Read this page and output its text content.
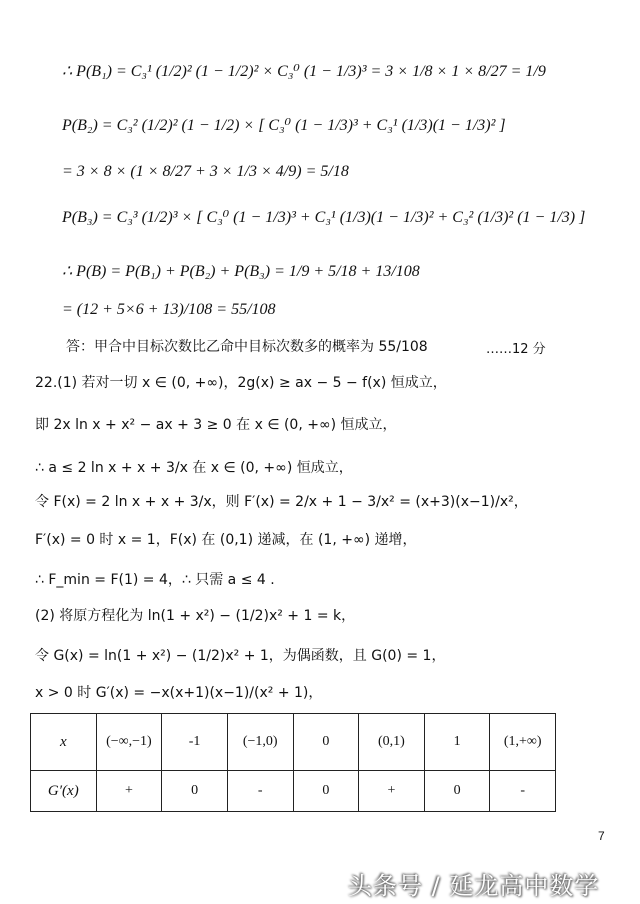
∴ P(B₁) = C₃¹ (1/2)² (1 − 1/2)² × C₃⁰ (1 − 1/3)³ = 3 × 1/8 × 1 × 8/27 = 1/9
P(B₂) = C₃² (1/2)² (1 − 1/2) × [ C₃⁰ (1 − 1/3)³ + C₃¹ (1/3)(1 − 1/3)² ]
= 3 × 8 × (1 × 8/27 + 3 × 1/3 × 4/9) = 5/18
P(B₃) = C₃³ (1/2)³ × [ C₃⁰ (1 − 1/3)³ + C₃¹ (1/3)(1 − 1/3)² + C₃² (1/3)² (1 − 1/3) ]
∴ P(B) = P(B₁) + P(B₂) + P(B₃) = 1/9 + 5/18 + 13/108
= (12 + 5×6 + 13)/108 = 55/108
答：甲合中目标次数比乙命中目标次数多的概率为 55/108	……12 分
22.(1) 若对一切 x ∈ (0, +∞)，2g(x) ≥ ax − 5 − f(x) 恒成立，
即 2x ln x + x² − ax + 3 ≥ 0 在 x ∈ (0, +∞) 恒成立，
∴ a ≤ 2 ln x + x + 3/x 在 x ∈ (0, +∞) 恒成立，
令 F(x) = 2 ln x + x + 3/x，则 F′(x) = 2/x + 1 − 3/x² = (x+3)(x−1)/x²，
F′(x) = 0 时 x = 1，F(x) 在 (0,1) 递减，在 (1, +∞) 递增，
∴ F_min = F(1) = 4，∴ 只需 a ≤ 4 .
(2) 将原方程化为 ln(1 + x²) − (1/2)x² + 1 = k，
令 G(x) = ln(1 + x²) − (1/2)x² + 1，为偶函数，且 G(0) = 1，
x > 0 时 G′(x) = −x(x+1)(x−1)/(x² + 1)，
x	(−∞,−1)	-1	(−1,0)	0	(0,1)	1	(1,+∞)
G′(x)	+	0	-	0	+	0	-
7
头条号 / 延龙高中数学
